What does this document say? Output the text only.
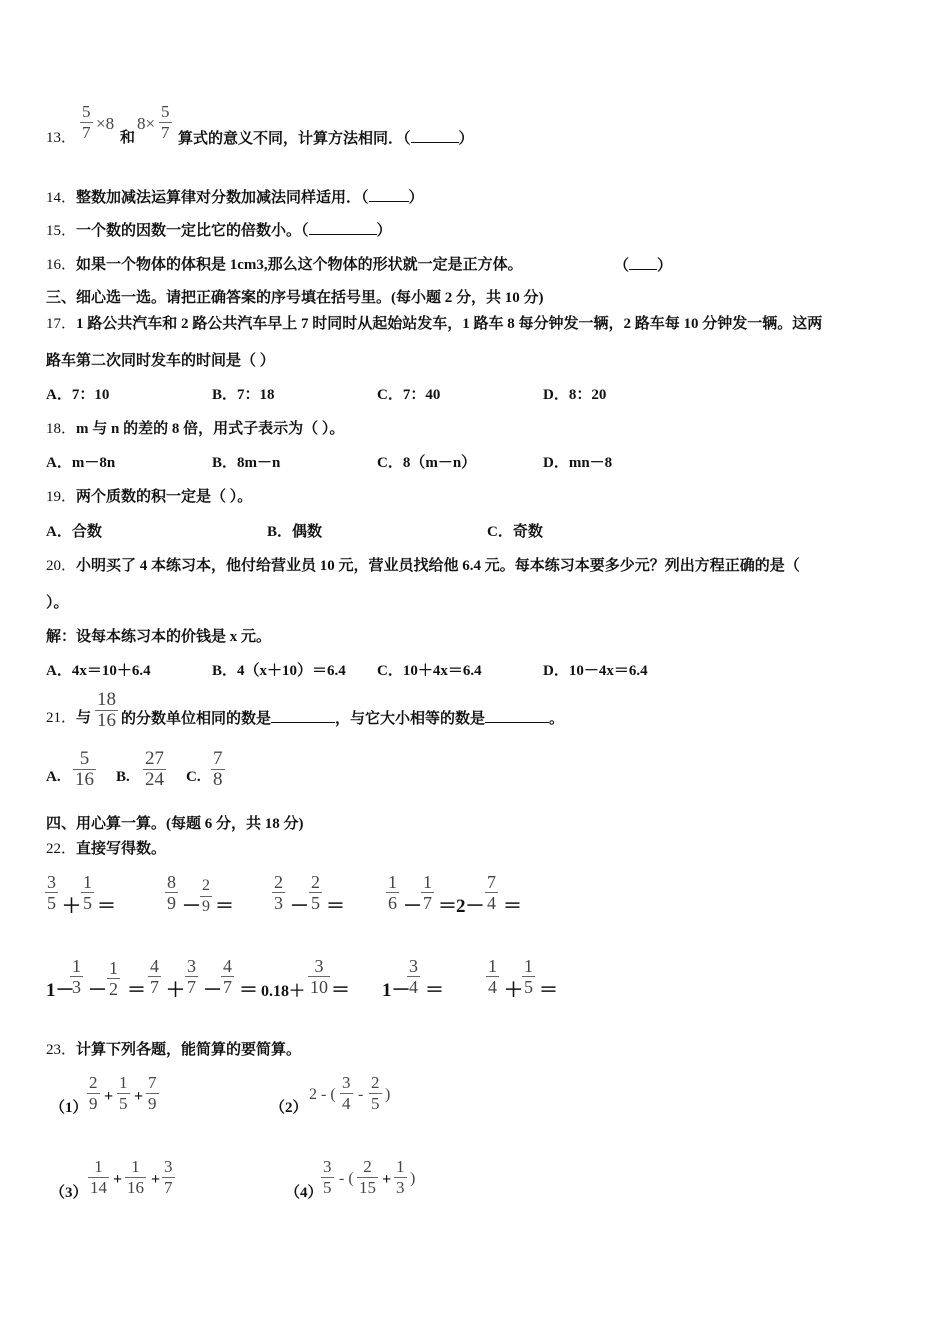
13．
5
7 ×8
和
8×
5
7 算式的意义不同，计算方法相同．（	）
14．整数加减法运算律对分数加减法同样适用．（	）
15．一个数的因数一定比它的倍数小。（	）
16．如果一个物体的体积是 1cm3,那么这个物体的形状就一定是正方体。	（ ）
三、细心选一选。请把正确答案的序号填在括号里。(每小题 2 分，共 10 分)
17．1 路公共汽车和 2 路公共汽车早上 7 时同时从起始站发车，1 路车 8 每分钟发一辆，2 路车每 10 分钟发一辆。这两
路车第二次同时发车的时间是（ ）
A．7：10	B．7：18	C．7：40	D．8：20
18．m 与 n 的差的 8 倍，用式子表示为（ ）。
A．m－8n	B．8m－n	C．8（m－n）	D．mn－8
19．两个质数的积一定是（ ）。
A．合数	B．偶数	C．奇数
20．小明买了 4 本练习本，他付给营业员 10 元，营业员找给他 6.4 元。每本练习本要多少元？列出方程正确的是（
）。
解：设每本练习本的价钱是 x 元。
A．4x＝10＋6.4	B．4（x＋10）＝6.4 C．10＋4x＝6.4	D．10－4x＝6.4
21．与
18
16 的分数单位相同的数是	，与它大小相等的数是	。
A.
5
16 B.
27
24 C.
7
8
四、用心算一算。(每题 6 分，共 18 分)
22．直接写得数。
3
5 ＋
1
5 ＝
8
9 －
2
9 ＝
2
3 －
2
5 ＝
1
6 －
1
7 ＝
2－
7
4 ＝
1－
1
3 －
1
2 ＝
4
7 ＋
3
7 －
4
7 ＝ 0.18＋
3
10 ＝ 1－
3
4 ＝
1
4 ＋
1
5 ＝
23．计算下列各题，能简算的要简算。
（1）
2
9 +
1
5 +
7
9	（2）
2 - (
3
4 -
2
5 )
（3）
1
14 +
1
16 +
3
7	（4）
3
5 - (
2
15 +
1
3 )
